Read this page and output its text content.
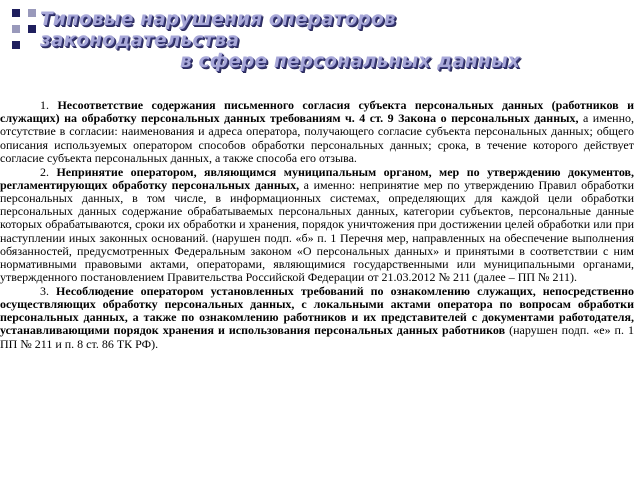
Типовые нарушения операторов
законодательства
в сфере персональных данных

1. Несоответствие содержания письменного согласия субъекта персональных данных (работников и служащих) на обработку персональных данных требованиям ч. 4 ст. 9 Закона о персональных данных, а именно, отсутствие в согласии: наименования и адреса оператора, получающего согласие субъекта персональных данных; общего описания используемых оператором способов обработки персональных данных; срока, в течение которого действует согласие субъекта персональных данных, а также способа его отзыва.

2. Непринятие оператором, являющимся муниципальным органом, мер по утверждению документов, регламентирующих обработку персональных данных, а именно: непринятие мер по утверждению Правил обработки персональных данных, в том числе, в информационных системах, определяющих для каждой цели обработки персональных данных содержание обрабатываемых персональных данных, категории субъектов, персональные данные которых обрабатываются, сроки их обработки и хранения, порядок уничтожения при достижении целей обработки или при наступлении иных законных оснований. (нарушен подп. «б» п. 1 Перечня мер, направленных на обеспечение выполнения обязанностей, предусмотренных Федеральным законом «О персональных данных» и принятыми в соответствии с ним нормативными правовыми актами, операторами, являющимися государственными или муниципальными органами, утвержденного постановлением Правительства Российской Федерации от 21.03.2012 № 211 (далее – ПП № 211).

3. Несоблюдение оператором установленных требований по ознакомлению служащих, непосредственно осуществляющих обработку персональных данных, с локальными актами оператора по вопросам обработки персональных данных, а также по ознакомлению работников и их представителей с документами работодателя, устанавливающими порядок хранения и использования персональных данных работников (нарушен подп. «е» п. 1 ПП № 211 и п. 8 ст. 86 ТК РФ).
